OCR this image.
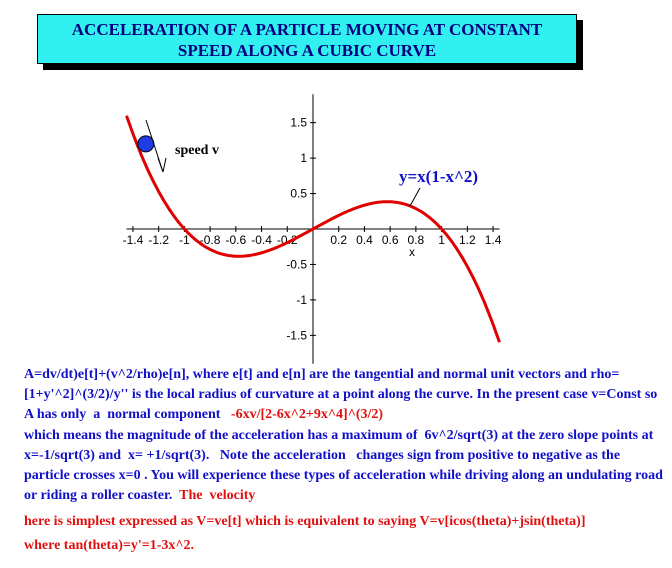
ACCELERATION OF A PARTICLE MOVING AT CONSTANT
SPEED ALONG A CUBIC CURVE
-1.4 -1.2 -1 -0.8 -0.6 -0.4 -0.2	0.2 0.4 0.6 0.8 1 1.2 1.4
1.5
1
0.5
-0.5
-1
-1.5
x
y=x(1-x^2)
speed v
A=dv/dt)e[t]+(v^2/rho)e[n], where e[t] and e[n] are the tangential and normal unit vectors and rho=[1+y'^2]^(3/2)/y'' is the local radius of curvature at a point along the curve. In the present case v=Const so A has only  a  normal component   -6xv/[2-6x^2+9x^4]^(3/2)
which means the magnitude of the acceleration has a maximum of  6v^2/sqrt(3) at the zero slope points at x=-1/sqrt(3) and  x= +1/sqrt(3).   Note the acceleration   changes sign from positive to negative as the particle crosses x=0 . You will experience these types of acceleration while driving along an undulating road or riding a roller coaster.  The  velocity
here is simplest expressed as V=ve[t] which is equivalent to saying V=v[icos(theta)+jsin(theta)]
where tan(theta)=y'=1-3x^2.
